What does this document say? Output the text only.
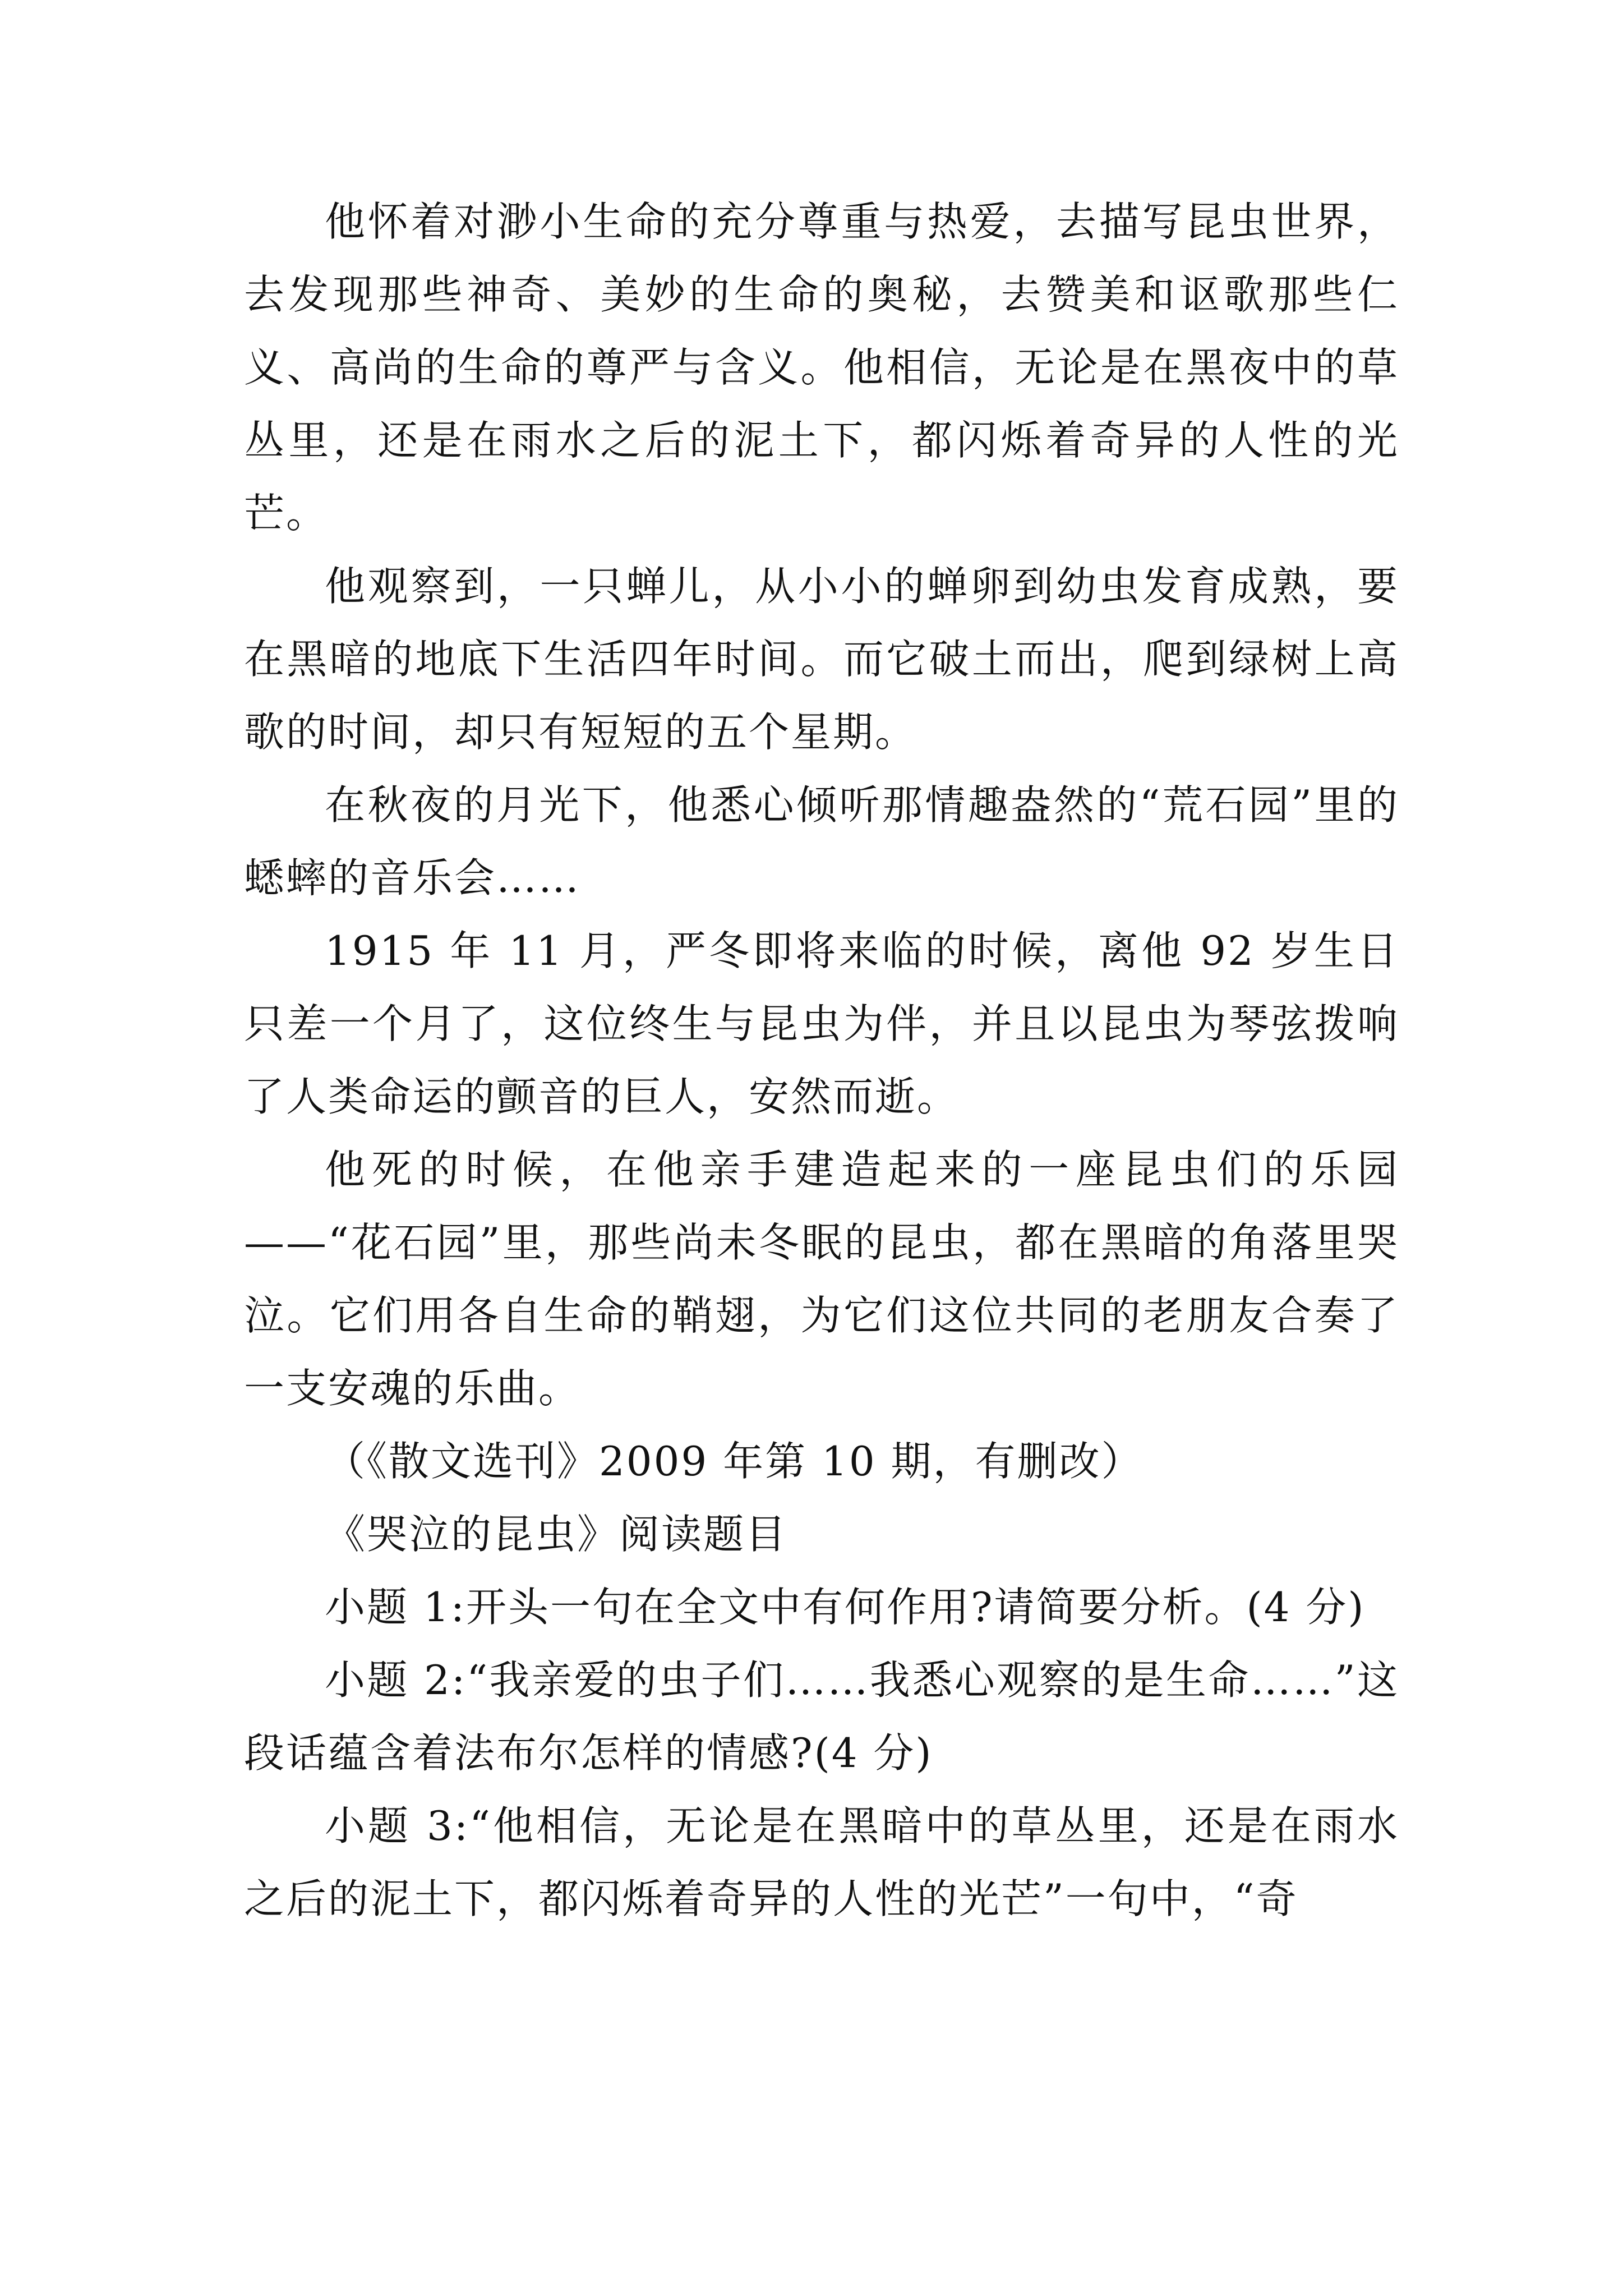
他怀着对渺小生命的充分尊重与热爱，去描写昆虫世界，去发现那些神奇、美妙的生命的奥秘，去赞美和讴歌那些仁义、高尚的生命的尊严与含义。他相信，无论是在黑夜中的草丛里，还是在雨水之后的泥土下，都闪烁着奇异的人性的光芒。

他观察到，一只蝉儿，从小小的蝉卵到幼虫发育成熟，要在黑暗的地底下生活四年时间。而它破土而出，爬到绿树上高歌的时间，却只有短短的五个星期。

在秋夜的月光下，他悉心倾听那情趣盎然的“荒石园”里的蟋蟀的音乐会……

1915 年 11 月，严冬即将来临的时候，离他 92 岁生日只差一个月了，这位终生与昆虫为伴，并且以昆虫为琴弦拨响了人类命运的颤音的巨人，安然而逝。

他死的时候，在他亲手建造起来的一座昆虫们的乐园——“花石园”里，那些尚未冬眠的昆虫，都在黑暗的角落里哭泣。它们用各自生命的鞘翅，为它们这位共同的老朋友合奏了一支安魂的乐曲。

（《散文选刊》2009 年第 10 期，有删改）

《哭泣的昆虫》阅读题目

小题 1:开头一句在全文中有何作用?请简要分析。(4 分)

小题 2:“我亲爱的虫子们……我悉心观察的是生命……”这段话蕴含着法布尔怎样的情感?(4 分)

小题 3:“他相信，无论是在黑暗中的草丛里，还是在雨水之后的泥土下，都闪烁着奇异的人性的光芒”一句中，“奇
